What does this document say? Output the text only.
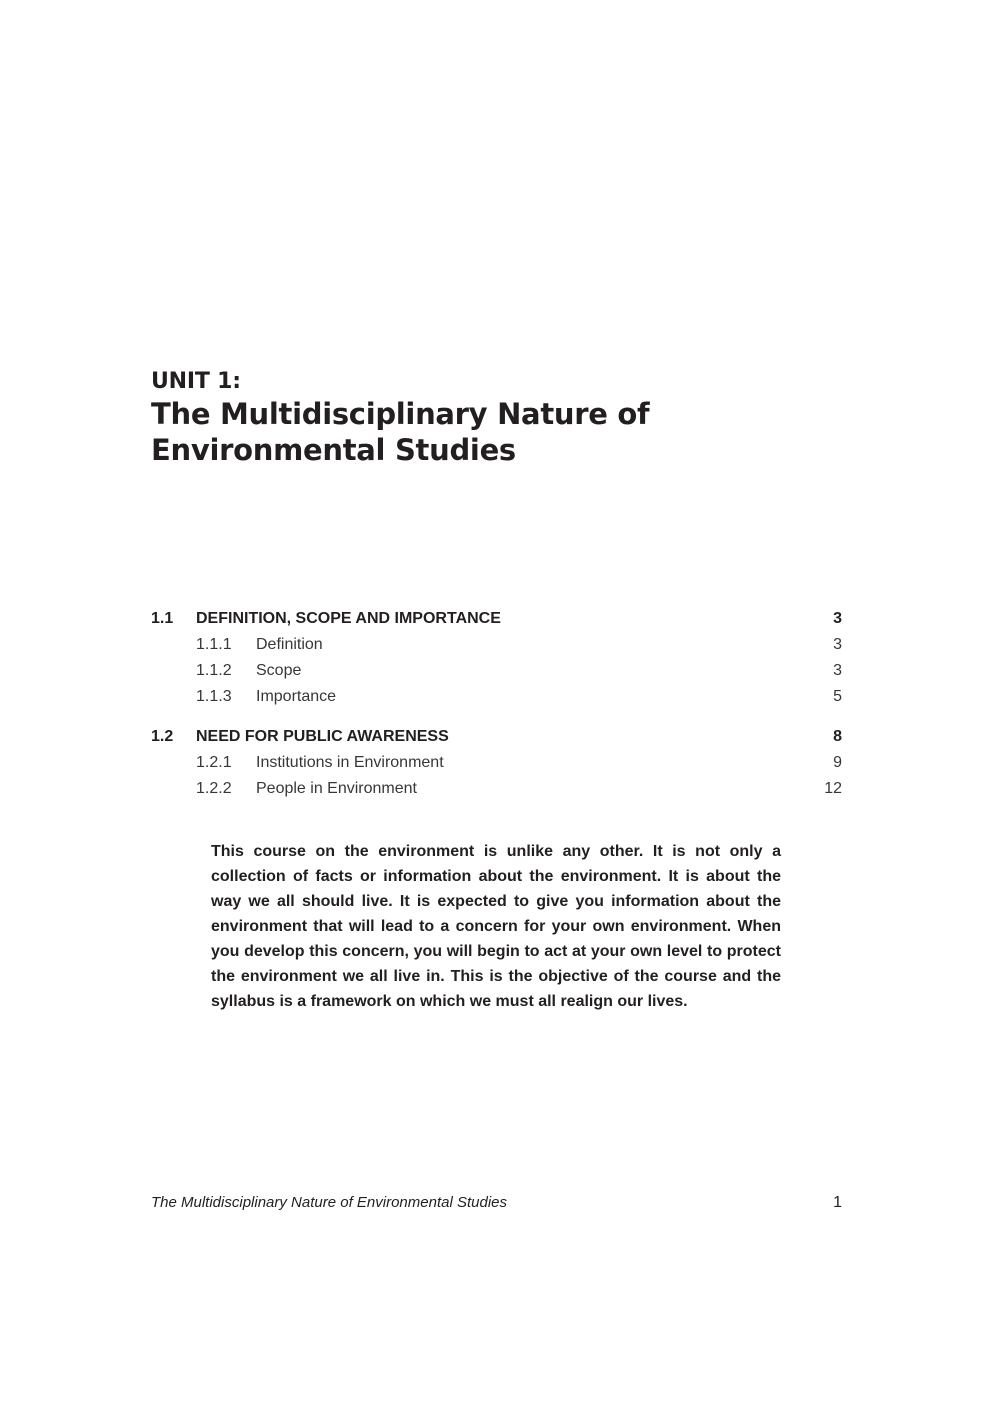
UNIT 1:

The Multidisciplinary Nature of

Environmental Studies

1.1 DEFINITION, SCOPE AND IMPORTANCE	3
1.1.1 Definition	3
1.1.2 Scope	3
1.1.3 Importance	5
1.2 NEED FOR PUBLIC AWARENESS	8
1.2.1 Institutions in Environment	9
1.2.2 People in Environment	12

This course on the environment is unlike any other. It is not only a collection of facts or information about the environment. It is about the way we all should live. It is expected to give you information about the environment that will lead to a concern for your own environment. When you develop this concern, you will begin to act at your own level to protect the environment we all live in. This is the objective of the course and the syllabus is a framework on which we must all realign our lives.

The Multidisciplinary Nature of Environmental Studies	1
